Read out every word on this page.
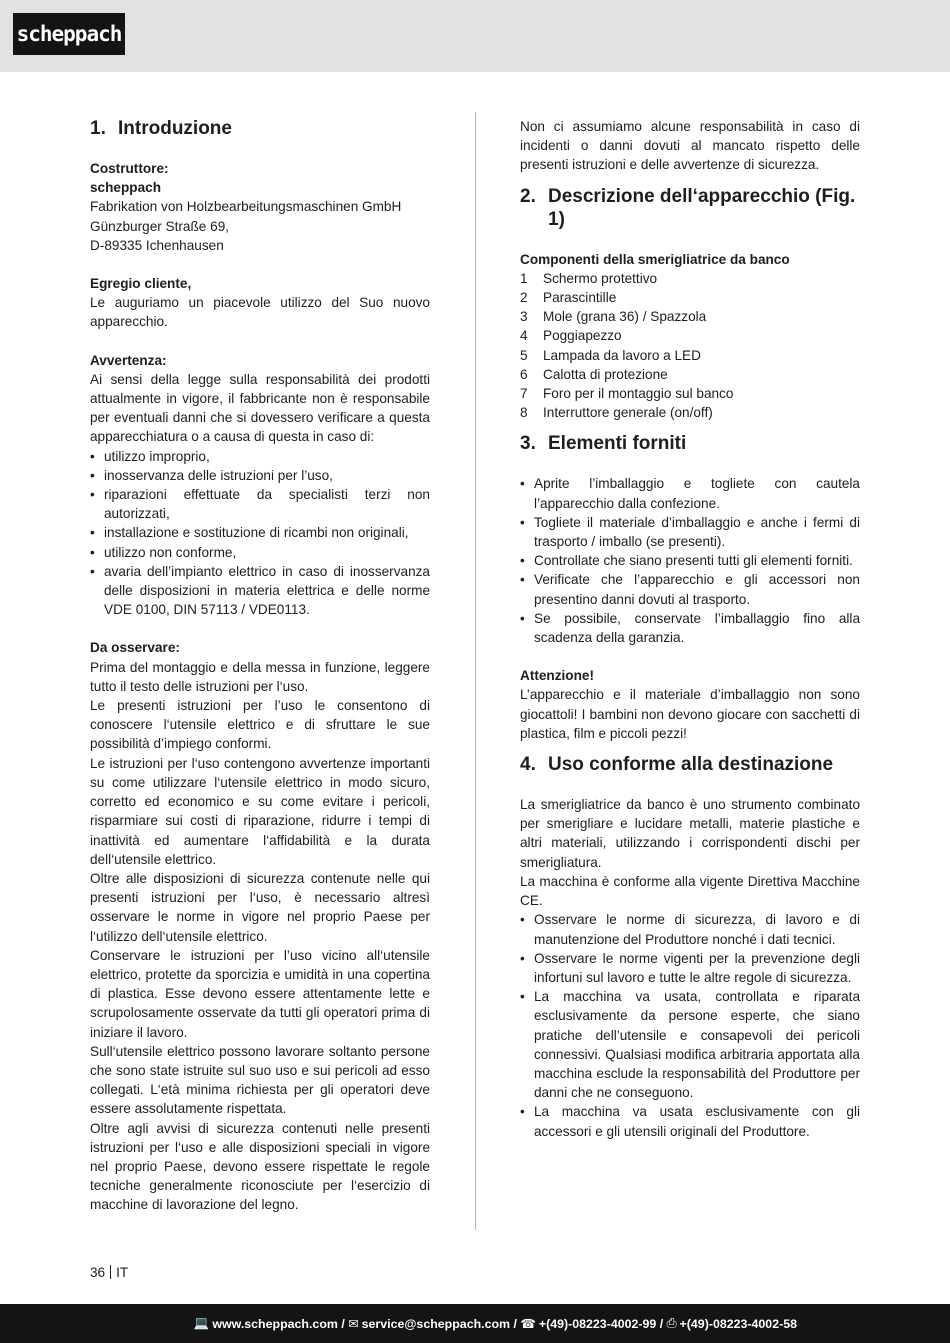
scheppach
1. Introduzione
Costruttore:
scheppach
Fabrikation von Holzbearbeitungsmaschinen GmbH
Günzburger Straße 69,
D-89335 Ichenhausen
Egregio cliente,

Le auguriamo un piacevole utilizzo del Suo nuovo apparecchio.

Avvertenza:

Ai sensi della legge sulla responsabilità dei prodotti attualmente in vigore, il fabbricante non è responsabile per eventuali danni che si dovessero verificare a questa apparecchiatura o a causa di questa in caso di:

• utilizzo improprio,
• inosservanza delle istruzioni per l’uso,
• riparazioni effettuate da specialisti terzi non autorizzati,
• installazione e sostituzione di ricambi non originali,
• utilizzo non conforme,
• avaria dell’impianto elettrico in caso di inosservanza delle disposizioni in materia elettrica e delle norme VDE 0100, DIN 57113 / VDE0113.
Da osservare:

Prima del montaggio e della messa in funzione, leggere tutto il testo delle istruzioni per l‘uso.

Le presenti istruzioni per l’uso le consentono di conoscere l‘utensile elettrico e di sfruttare le sue possibilità d’impiego conformi.

Le istruzioni per l‘uso contengono avvertenze importanti su come utilizzare l‘utensile elettrico in modo sicuro, corretto ed economico e su come evitare i pericoli, risparmiare sui costi di riparazione, ridurre i tempi di inattività ed aumentare l‘affidabilità e la durata dell‘utensile elettrico.

Oltre alle disposizioni di sicurezza contenute nelle qui presenti istruzioni per l‘uso, è necessario altresì osservare le norme in vigore nel proprio Paese per l‘utilizzo dell‘utensile elettrico.

Conservare le istruzioni per l’uso vicino all‘utensile elettrico, protette da sporcizia e umidità in una copertina di plastica. Esse devono essere attentamente lette e scrupolosamente osservate da tutti gli operatori prima di iniziare il lavoro.

Sull‘utensile elettrico possono lavorare soltanto persone che sono state istruite sul suo uso e sui pericoli ad esso collegati. L‘età minima richiesta per gli operatori deve essere assolutamente rispettata.

Oltre agli avvisi di sicurezza contenuti nelle presenti istruzioni per l‘uso e alle disposizioni speciali in vigore nel proprio Paese, devono essere rispettate le regole tecniche generalmente riconosciute per l‘esercizio di macchine di lavorazione del legno.

Non ci assumiamo alcune responsabilità in caso di incidenti o danni dovuti al mancato rispetto delle presenti istruzioni e delle avvertenze di sicurezza.

2. Descrizione dell‘apparecchio (Fig. 1)
Componenti della smerigliatrice da banco
1	Schermo protettivo
2	Parascintille
3	Mole (grana 36) / Spazzola
4	Poggiapezzo
5	Lampada da lavoro a LED
6	Calotta di protezione
7	Foro per il montaggio sul banco
8	Interruttore generale (on/off)
3. Elementi forniti
• Aprite l’imballaggio e togliete con cautela l’apparecchio dalla confezione.
• Togliete il materiale d’imballaggio e anche i fermi di trasporto / imballo (se presenti).
• Controllate che siano presenti tutti gli elementi forniti.
• Verificate che l’apparecchio e gli accessori non presentino danni dovuti al trasporto.
• Se possibile, conservate l’imballaggio fino alla scadenza della garanzia.
Attenzione!

L’apparecchio e il materiale d’imballaggio non sono giocattoli! I bambini non devono giocare con sacchetti di plastica, film e piccoli pezzi!

4. Uso conforme alla destinazione

La smerigliatrice da banco è uno strumento combinato per smerigliare e lucidare metalli, materie plastiche e altri materiali, utilizzando i corrispondenti dischi per smerigliatura.

La macchina è conforme alla vigente Direttiva Macchine CE.

• Osservare le norme di sicurezza, di lavoro e di manutenzione del Produttore nonché i dati tecnici.
• Osservare le norme vigenti per la prevenzione degli infortuni sul lavoro e tutte le altre regole di sicurezza.
• La macchina va usata, controllata e riparata esclusivamente da persone esperte, che siano pratiche dell’utensile e consapevoli dei pericoli connessivi. Qualsiasi modifica arbitraria apportata alla macchina esclude la responsabilità del Produttore per danni che ne conseguono.
• La macchina va usata esclusivamente con gli accessori e gli utensili originali del Produttore.
36 IT
💻 www.scheppach.com / ✉ service@scheppach.com / ☎ +(49)-08223-4002-99 / ⎙ +(49)-08223-4002-58
